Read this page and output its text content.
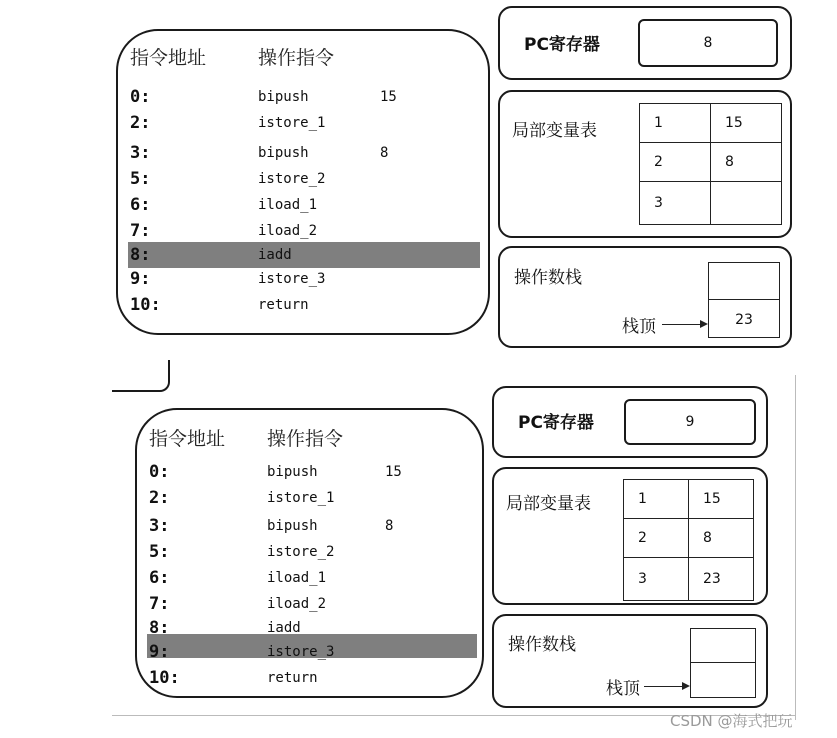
指令地址	操作指令
0:	bipush	15
2:	istore_1
3:	bipush	8
5:	istore_2
6:	iload_1
7:	iload_2
8:	iadd
9:	istore_3
10:	return
PC寄存器	8
局部变量表	1	15
2	8
3	
操作数栈
23
栈顶
指令地址 操作指令
0:	bipush	15
2:	istore_1
3:	bipush	8
5:	istore_2
6:	iload_1
7:	iload_2
8:	iadd
9:	istore_3
10:	return
PC寄存器	9
局部变量表	1	15
2	8
3	23
操作数栈
栈顶
CSDN @海式把玩
